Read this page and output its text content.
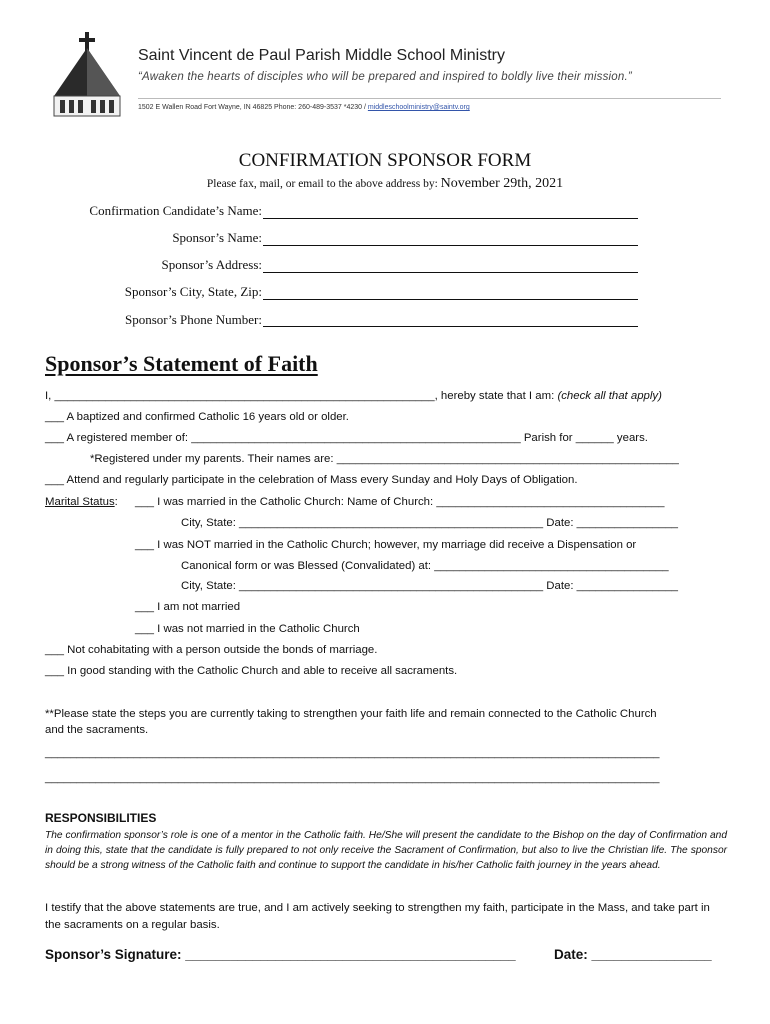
Saint Vincent de Paul Parish Middle School Ministry
“Awaken the hearts of disciples who will be prepared and inspired to boldly live their mission.”
1502 E Wallen Road Fort Wayne, IN 46825 Phone: 260-489-3537 *4230 / middleschoolministry@saintv.org
CONFIRMATION SPONSOR FORM
Please fax, mail, or email to the above address by: November 29th, 2021
Confirmation Candidate’s Name:
Sponsor’s Name:
Sponsor’s Address:
Sponsor’s City, State, Zip:
Sponsor’s Phone Number:
Sponsor’s Statement of Faith
I, ____________________________________________________________, hereby state that I am: (check all that apply)
___ A baptized and confirmed Catholic 16 years old or older.
___ A registered member of: ____________________________________________________ Parish for ______ years.
*Registered under my parents. Their names are: ______________________________________________________
___ Attend and regularly participate in the celebration of Mass every Sunday and Holy Days of Obligation.
Marital Status: ___ I was married in the Catholic Church: Name of Church: ____________________________________
City, State: ________________________________________________ Date: ________________
___ I was NOT married in the Catholic Church; however, my marriage did receive a Dispensation or
Canonical form or was Blessed (Convalidated) at: _____________________________________
City, State: ________________________________________________ Date: ________________
___ I am not married
___ I was not married in the Catholic Church
___ Not cohabitating with a person outside the bonds of marriage.
___ In good standing with the Catholic Church and able to receive all sacraments.
**Please state the steps you are currently taking to strengthen your faith life and remain connected to the Catholic Church
and the sacraments.
_________________________________________________________________________________________________
_________________________________________________________________________________________________
RESPONSIBILITIES
The confirmation sponsor’s role is one of a mentor in the Catholic faith. He/She will present the candidate to the Bishop on the day of Confirmation and in doing this, state that the candidate is fully prepared to not only receive the Sacrament of Confirmation, but also to live the Christian life. The sponsor should be a strong witness of the Catholic faith and continue to support the candidate in his/her Catholic faith journey in the years ahead.
I testify that the above statements are true, and I am actively seeking to strengthen my faith, participate in the Mass, and take part in the sacraments on a regular basis.
Sponsor’s Signature: ____________________________________________	Date: ________________
